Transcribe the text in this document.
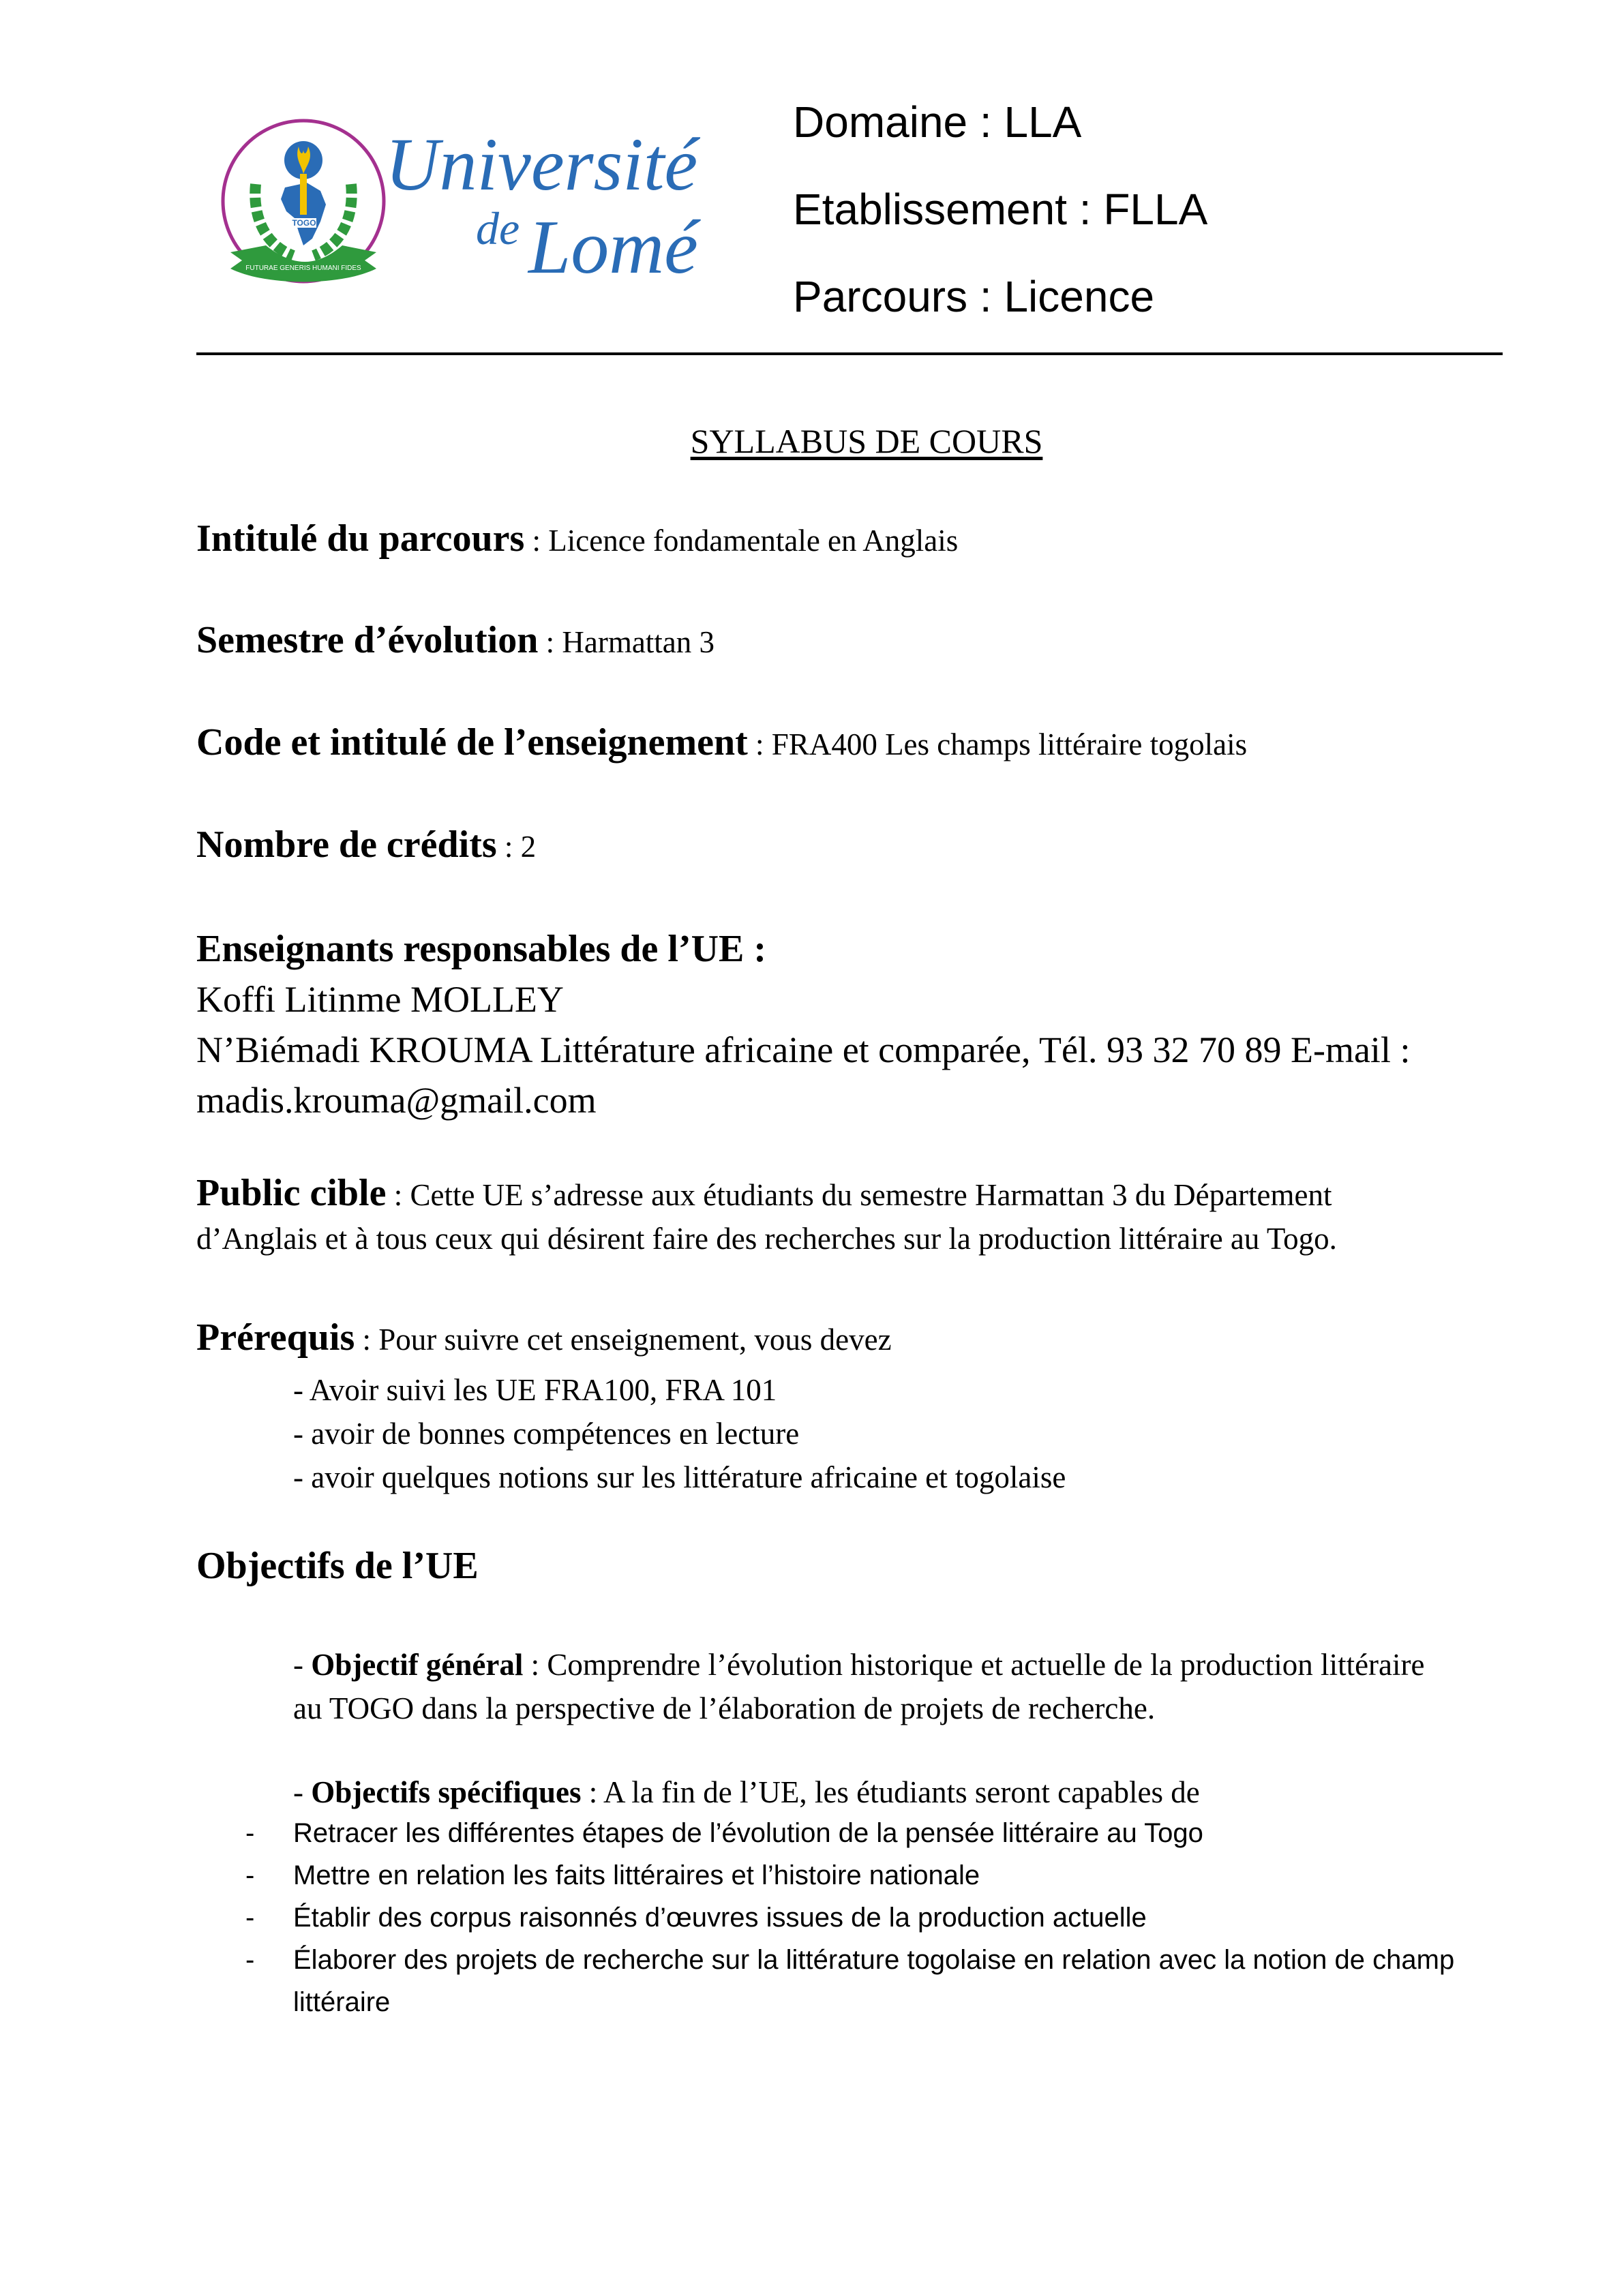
TOGO
FUTURAE GENERIS HUMANI FIDES
Université
de Lomé
Domaine : LLA
Etablissement : FLLA
Parcours : Licence
SYLLABUS DE COURS
Intitulé du parcours : Licence fondamentale en Anglais
Semestre d’évolution : Harmattan 3
Code et intitulé de l’enseignement : FRA400 Les champs littéraire togolais
Nombre de crédits : 2
Enseignants responsables de l’UE :
Koffi Litinme MOLLEY
N’Biémadi KROUMA Littérature africaine et comparée, Tél. 93 32 70 89 E-mail :
madis.krouma@gmail.com
Public cible : Cette UE s’adresse aux étudiants du semestre Harmattan 3 du Département
d’Anglais et à tous ceux qui désirent faire des recherches sur la production littéraire au Togo.
Prérequis : Pour suivre cet enseignement, vous devez
- Avoir suivi les UE FRA100, FRA 101
- avoir de bonnes compétences en lecture
- avoir quelques notions sur les littérature africaine et togolaise
Objectifs de l’UE
- Objectif général : Comprendre l’évolution historique et actuelle de la production littéraire
au TOGO dans la perspective de l’élaboration de projets de recherche.
- Objectifs spécifiques : A la fin de l’UE, les étudiants seront capables de
- Retracer les différentes étapes de l’évolution de la pensée littéraire au Togo
- Mettre en relation les faits littéraires et l’histoire nationale
- Établir des corpus raisonnés d’œuvres issues de la production actuelle
- Élaborer des projets de recherche sur la littérature togolaise en relation avec la notion de champ
littéraire
